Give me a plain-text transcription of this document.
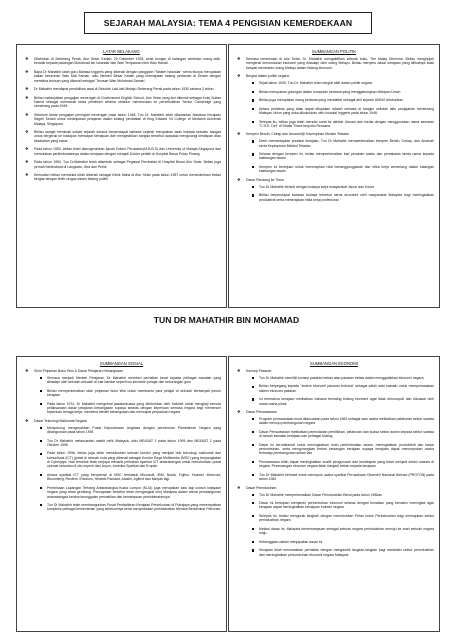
SEJARAH MALAYSIA: TEMA 4 PENGISIAN KEMERDEKAAN
LATAR BELAKANG
❖ Dilahirkan di Seberang Perak, Alor Setar, Kedah, 20 Disember 1925, anak bongsu di kalangan sembilan orang adik-beradik kepada pasangan Mohamad bin Iskandar dan Wan Tempawan binti Wan Hanafi.
❖ Bapa Dr Mahathir ialah guru Bahasa Inggeris yang dikenali dengan panggilan "Master Iskandar" serba ibunya merupakan kaitan keturunan Wan Mat Saman, iaitu Menteri Besar Kedah yang memajukan bidang pertanian di Kedah dengan membina terusan yang dikenali sebagai 'Terusan Wan Mohamad Saman'.
❖ Dr Mahathir mendapat pendidikan awal di Sekolah Laki-laki Melayu Seberang Perak pada tahun 1930 selama 3 tahun.
❖ Beliau melanjutkan pengajian menengah di Government English School, Alor Setar yang kini dikenali sebagai Kolej Sultan Hamid sebagai memasuki kelas peralihan selama setahun meneruskan ke persekolahan Senior Cambridge yang cemerlang pada 1945.
❖ Sebelum tamat pengajian peringkat menengah pada tahun 1948, Tun Dr. Mahathir telah ditawarkan biasiswa Kerajaan Negeri Kedah untuk melanjutkan pelajaran dalam bidang perubatan di King Edward VII College of Medicine,Universiti Malaya, Singapura
❖ Beliau sangat meminati subjek sejarah kerana berpendapat bahawa sejarah merupakan asas kepada sesuatu bangsa untuk bergerak ke hadapan mencapai kemajuan dan mengelakkan bangsa tersebut daripada mengulangi kesilapan atau kesalahan yang sama.
❖ Pada tahun 1953, beliau telah dianugerahkan Ijazah Doktor Perubatan(M.B.B.S) dan University of Malaya,Singapura dan memulakan perkhidmatannya dalam kerajaan dengan menjadi Doktor pelatih di Hospital Besar Pulau Pinang
❖ Pada tahun 1954, Tun Dr.Mahathir telah ditambah sebagai Pegawai Perubatan di Hospital Besar Alor Setar. Beliau juga pernah berkhidmat di Langkawi, Jitra dan Perlis
❖ Kemudian beliau membuka klinik dikenali sebagai Klinik Maha di Alor Setar pada tahun 1957 untuk membolehkan beliau bergiat dengan lebih cergas dalam bidang politik.
SUMBANGAN POLITIK
❖ Semasa bersekolah di Alor Setar, Dr. Mahathir mengaktifkan sebuah buku, The Malay Dilemma. Beliau menghujah mengenai kemunduran ekonomi yang dihadapi oleh orang Melayu. Beliau menyeru dasar kerajaan yang dilihatnya tidak banyak membantu orang Melayu dalam bidang ekonomi.
❖ Bergiat dalam politik negara:
Sejak tahun 1945, Tun Dr. Mahathir telah bergiat aktif dalam politik negara.
Beliau merupakan golongan dalam kumpulan pertama yang menggabungkan Malayan Union
Beliau juga merupakan orang pertama yang mendaftar sebagai ahli sejarah UMNO ditubuhkan
Antara peristiwa yang tidak dapat dilupakan adalah semasa di bangku sekolah iaitu penjajahan menentang Malayan Union yang suka dikukuhkan oleh kolonial Inggeris pada tahun 1946.
Selepas itu, beliau juga telah menulis surat ke akhbar Utusan dan media dengan menggunakan nama samaran "C.H.E. Det" di Straits Times berjudul Rencana
❖ Kempen Bersih, Cekap dan Amanah@ Kepimpinan Melalui Teladan
Demi memantapkan prestasi kerajaan, Tun Dr Mahathir memperkenalkan kempen Bersih, Cekap, dan Amanah serta Kepimpinan Melalui Teladan
Selaras dengan kempen ini, beliau memperkenalkan kad perakam waktu dan pemakaian tanda nama kepada kakitangan awam
Kempen ini bertujuan untuk menerapkan nilai bertanggungjawab dan etika kerja cemerlang dalam kalangan kakitangan awam
❖ Dasar Pandang ke Timur
Tun Dr Mahathir tertarik dengan budaya kerja masyarakat Jepun dan Korea
Beliau berpendapat bahawa budaya tersebut harus dicontohi oleh masyarakat Malaysia bagi meningkatkan produktiviti serta menerapkan etika kerja profesional
TUN DR MAHATHIR BIN MOHAMAD
SUMBANGAN SOSIAL
❖ Skim Pinjaman Buku Teks & Dasar Pelajaran Kebangsaan
Semasa menjadi Menteri Pelajaran, Dr Mahathir memberi perhatian berat kepada pelbagai masalah yang dihadapi oleh sekolah-sekolah di luar bandar seperti isu keciciran pelajar dan kekurangan guru
Beliau memperkenalkan skim pinjaman buku teks untuk membantu para pelajar di sekolah berbanyak penuh kerajaan
Pada tahun 1974, Dr Mahathir mengetuai jawatankuasa yang ditubuhkan oleh Kabinet untuk mengkaji semula pelaksanaan dasar pelajaran kebangsaan supaya selaras dengan keperluan semasa negara bagi memenuhi keperluan tenaga kerja, membina identiti kebangsaan dan mencapai perpaduan negara
❖ Dasar Teknologi Maklumat Negara
Menyokong mengesahkan Pusat Kejuruteraan Angkasa dengan penubuhan Planetarium Negara yang dibangunkan pada tahun 1994
Tun Dr Mahathir melancarkan satelit milik Malaysia, iaitu MEASAT 1 pada tahun 1995 dan MEASAT 2 pada Oktober 1996
Pada tahun 1996, beliau juga telah memutuskan sebuah koridor yang menjadi hub teknologi maklumat dan komunikasi (ICT) global di sebuah kota yang dikenali sebagai Koridor Raya Multimedia (MSC) yang berpangkalan di Cyberjaya. Hab tersebut telah berjaya menarik perhatian syarikat ICT antarabangsa untuk menubuhkan pusat operasi serantau di situ seperti dari Jepun, Amerika Syarikat dan Eropah.
Antara syarikat ICT yang beroperasi di MSC termasuk Microsoft, IBM, Nokia, Fujitsu, Huawei, Motorola, Bloomberg, Reuters, Ericsson, Hewlett-Packard, Alcatel, Agilent dan banyak lagi.
Pembinaan Lapangan Terbang Antarabangsa Kuala Lumpur (KLIA) juga merupakan satu lagi contoh kejayaan negara yang amat gemilang. Pencapaian tersebut telah mengangkat imej Malaysia dalam arena pembangunan antarabangsa kerana keunggulan perwakilan dan kemampuan perkhidmatannya.
Tun Dr Mahathir telah membangunkan Pusat Pentadbiran Kerajaan Persekutuan di Putrajaya yang menempatkan kompleks pelbagai kementerian yang sebelumnya serta menyediakan perkhidmatan Menara Berkembar Petronas
SUMBANGAN EKONOMI
❖ Konsep Pasaran
Tun Dr Mahathir memiliki konsep pasaran bebas atau pasaran bebas dalam menggalakkan ekonomi negara.
Beliau berpegang kepada "sistem ekonomi pasaran terbuka" sebagai salah satu kaedah untuk memperkasakan sistem ekonomi pasaran
Ini bermakna kerajaan melibatkan bahawa bersaing bidang ekonomi agar tidak dimonopoli dan dikuasai oleh mana-mana pihak
❖ Dasar Penswastaan
Program penswastaan mula dilancarkan pada tahun 1983 sebagai satu usaha melibatkan pelaburan sektor swasta dalam menuju pembangunan negara
Dasar Penswastaan melibatkan pemindahan pemilikkan, pelaburan dan kuasa sektor awam kepada sektor swasta di bawah kawalan kerajaan dan pelbagai bidang
Dasar ini bermatlamat untuk meningkatkan mutu perkhidmatan awam, meningkatkan produktiviti dan kadar pertumbuhan, serta mengurangkan beban kewangan kerajaan supaya kerajaan dapat menumpukan usaha terhadap pembangunan sektor lain
Penswastaan telah dapat meningkatkan kualiti pengurusan dan kecekapan yang telah menjadi sektor swasta di negara. Perancangan ekonomi negara tidak menjadi beban kepada kerajaan
Tun Dr Mahathir berhasil untuk memupuk usaha syarikat Perusahaan Otomobil Nasional Berhad (PROTON) pada tahun 1983
❖ Dasar Perindustrian
Tun Dr Mahathir memperkenalkan Dasar Perindustrian Berat pada tahun 1980an
Dasar ini bertujuan menjamin pertumbuhan ekonomi selaras dengan kenaikan yang semakin meningkat agar kerajaan dapat meningkatkan kemajuan industri negara.
Selepas itu, beliau mengorak langkah dengan menubuhkan Pelan Induk Perindustrian bagi memajukan sektor perindustrian negara
Melalui dasar ini, Malaysia berkemampuan sebagai sebuah negara perindustrian menuju ke arah sebuah negara maju
Kebanggaan dalam menjayakan dasar ini
Kerajaan telah memusatkan perhatian dengan mengambil langkah-langkah bagi membaiki sektor perindustrian dan meningkatkan pertumbuhan ekonomi negara Malaysia
